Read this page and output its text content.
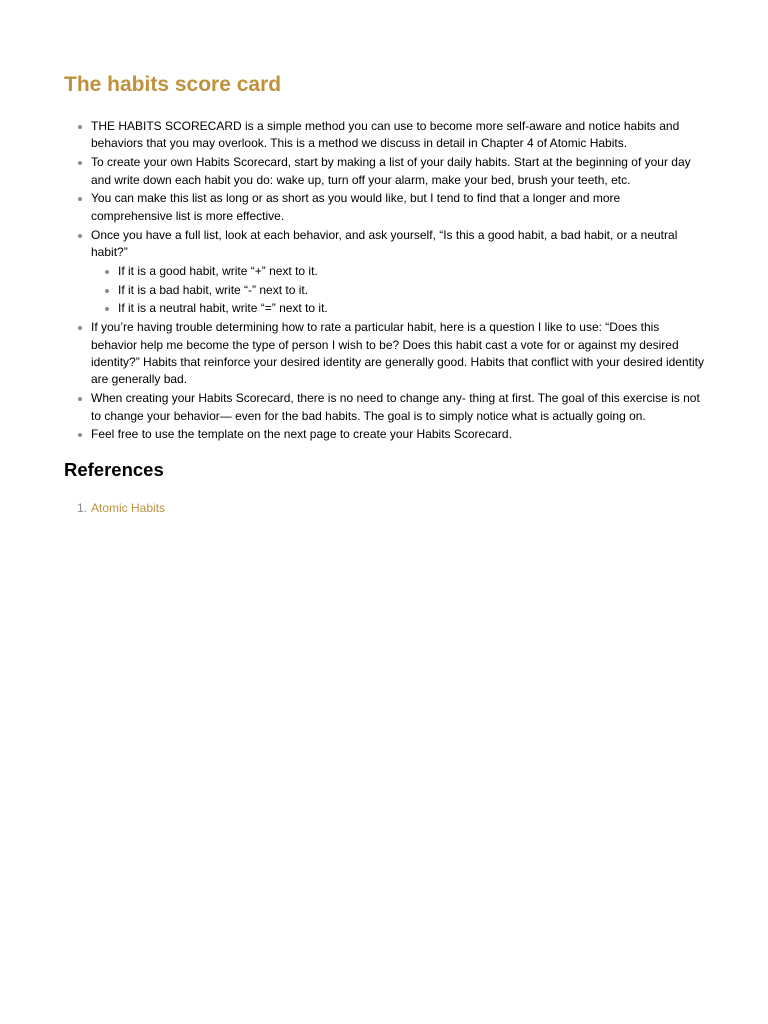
The habits score card
THE HABITS SCORECARD is a simple method you can use to become more self-aware and notice habits and behaviors that you may overlook. This is a method we discuss in detail in Chapter 4 of Atomic Habits.
To create your own Habits Scorecard, start by making a list of your daily habits. Start at the beginning of your day and write down each habit you do: wake up, turn off your alarm, make your bed, brush your teeth, etc.
You can make this list as long or as short as you would like, but I tend to find that a longer and more comprehensive list is more effective.
Once you have a full list, look at each behavior, and ask yourself, “Is this a good habit, a bad habit, or a neutral habit?”
If it is a good habit, write “+” next to it.
If it is a bad habit, write “-” next to it.
If it is a neutral habit, write “=” next to it.
If you’re having trouble determining how to rate a particular habit, here is a question I like to use: “Does this behavior help me become the type of person I wish to be? Does this habit cast a vote for or against my desired identity?” Habits that reinforce your desired identity are generally good. Habits that conflict with your desired identity are generally bad.
When creating your Habits Scorecard, there is no need to change any- thing at first. The goal of this exercise is not to change your behavior— even for the bad habits. The goal is to simply notice what is actually going on.
Feel free to use the template on the next page to create your Habits Scorecard.
References
1. Atomic Habits
